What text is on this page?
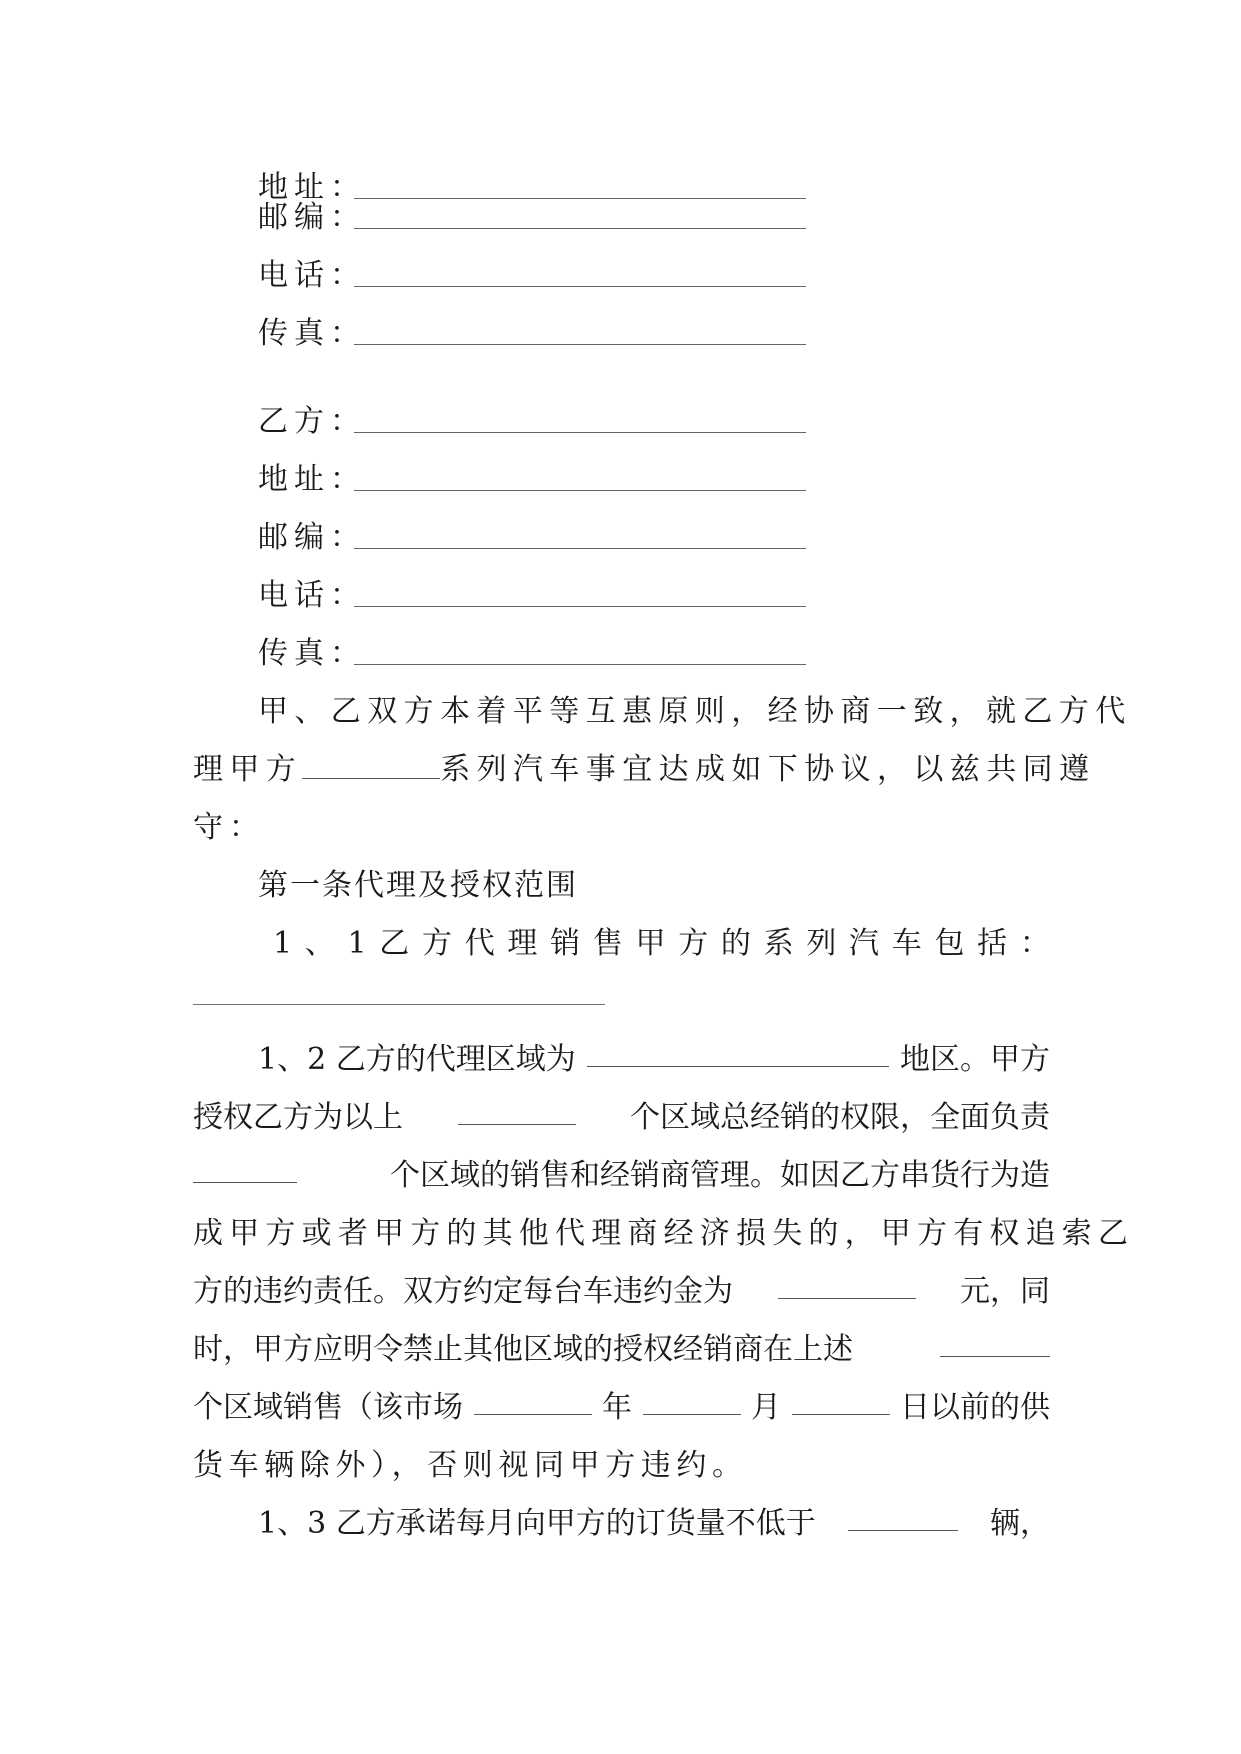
地址：
邮编：
电话：
传真：
乙方：
地址：
邮编：
电话：
传真：
甲、乙双方本着平等互惠原则，经协商一致，就乙方代
理甲方	系列汽车事宜达成如下协议，以兹共同遵
守：
第一条代理及授权范围
1 、 1 乙 方 代 理 销 售 甲 方 的 系 列 汽 车 包 括 ：
1、2 乙方的代理区域为	地区。甲方
授权乙方为以上	个区域总经销的权限，全面负责
个区域的销售和经销商管理。如因乙方串货行为造
成甲方或者甲方的其他代理商经济损失的，甲方有权追索乙
方的违约责任。双方约定每台车违约金为	元，同
时，甲方应明令禁止其他区域的授权经销商在上述
个区域销售（该市场	年	月	日以前的供
货车辆除外），否则视同甲方违约。
1、3 乙方承诺每月向甲方的订货量不低于	辆，
